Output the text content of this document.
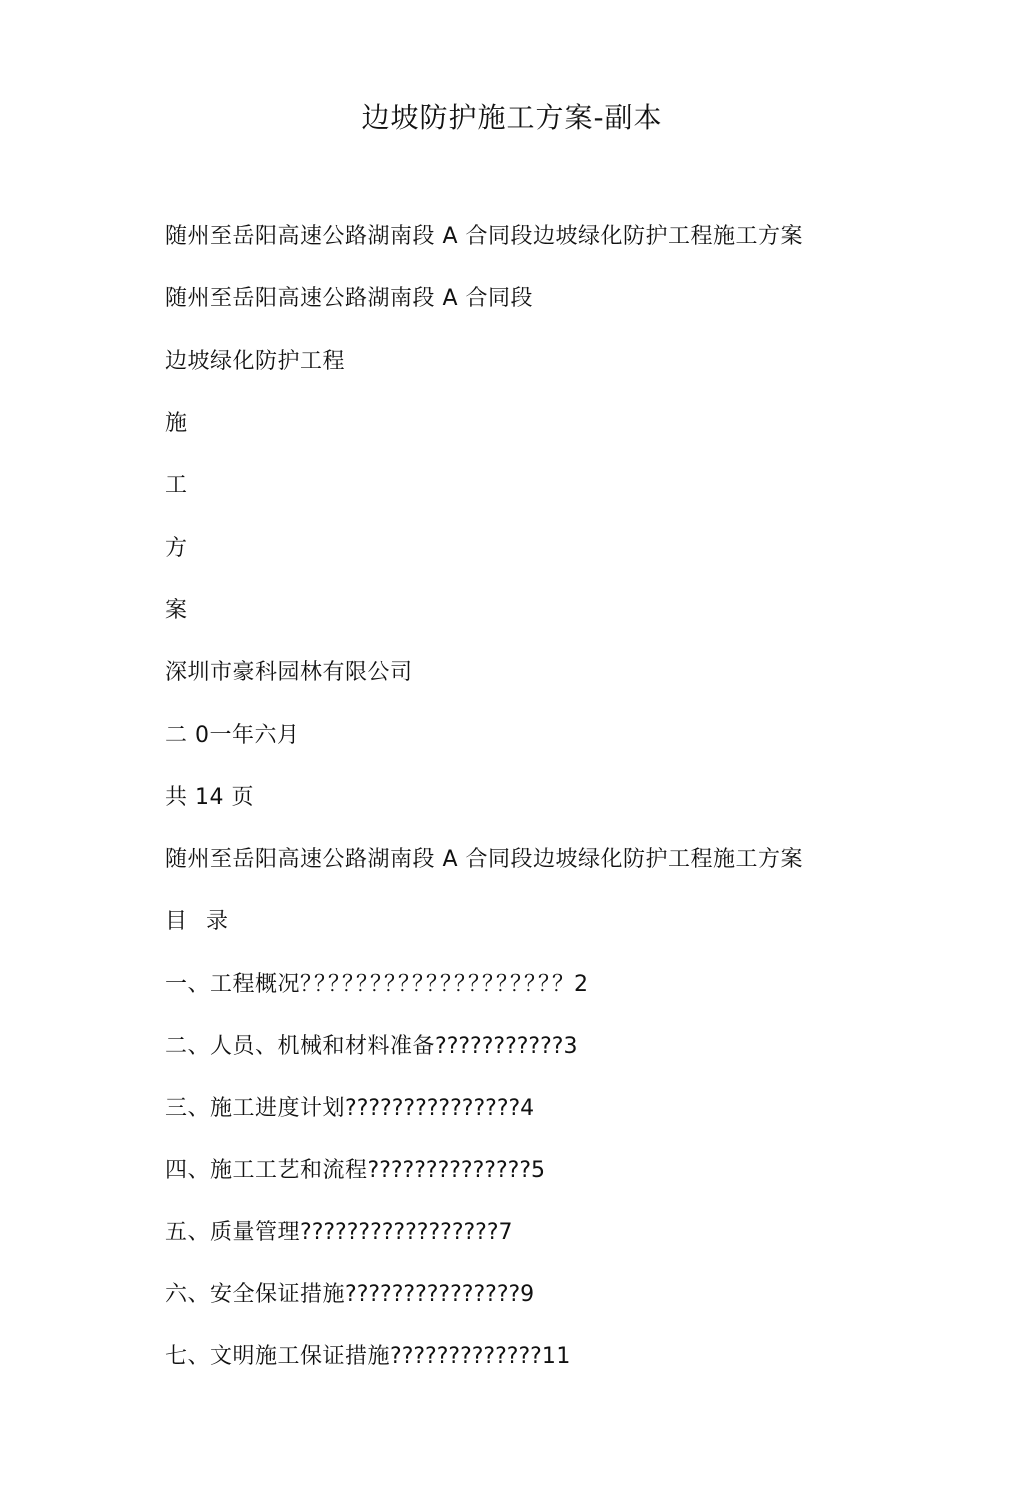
边坡防护施工方案-副本
随州至岳阳高速公路湖南段 A 合同段边坡绿化防护工程施工方案
随州至岳阳高速公路湖南段 A 合同段
边坡绿化防护工程
施
工
方
案
深圳市豪科园林有限公司
二 0一年六月
共 14 页
随州至岳阳高速公路湖南段 A 合同段边坡绿化防护工程施工方案
目 录
一、工程概况？？？？？？？？？？？？？？？？？？？ 2
二、人员、机械和材料准备???????????3
三、施工进度计划???????????????4
四、施工工艺和流程??????????????5
五、质量管理?????????????????7
六、安全保证措施???????????????9
七、文明施工保证措施?????????????11
